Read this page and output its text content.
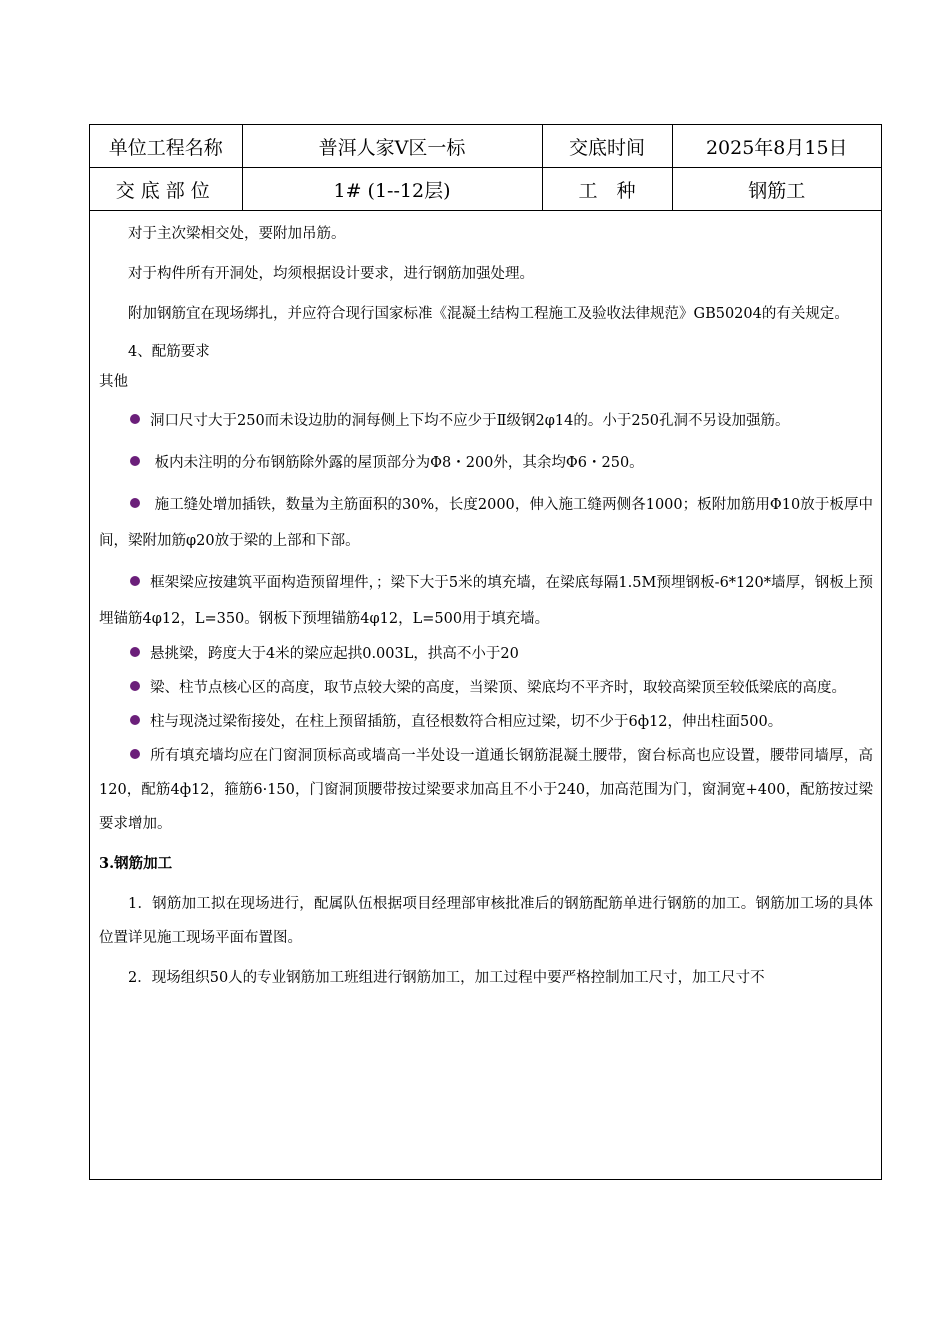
单位工程名称	普洱人家Ⅴ区一标	交底时间	2025年8月15日
交底部位	1# (1--12层)	工　种	钢筋工

对于主次梁相交处，要附加吊筋。

对于构件所有开洞处，均须根据设计要求，进行钢筋加强处理。

附加钢筋宜在现场绑扎，并应符合现行国家标准《混凝土结构工程施工及验收法律规范》GB50204的有关规定。

4、配筋要求

其他

洞口尺寸大于250而未设边肋的洞每侧上下均不应少于Ⅱ级钢2φ14的。小于250孔洞不另设加强筋。

板内未注明的分布钢筋除外露的屋顶部分为Φ8・200外，其余均Φ6・250。

施工缝处增加插铁，数量为主筋面积的30%，长度2000，伸入施工缝两侧各1000；板附加筋用Φ10放于板厚中间，梁附加筋φ20放于梁的上部和下部。

框架梁应按建筑平面构造预留埋件，；梁下大于5米的填充墙，在梁底每隔1.5M预埋钢板-6*120*墙厚，钢板上预埋锚筋4φ12，L=350。钢板下预埋锚筋4φ12，L=500用于填充墙。

悬挑梁，跨度大于4米的梁应起拱0.003L，拱高不小于20

梁、柱节点核心区的高度，取节点较大梁的高度，当梁顶、梁底均不平齐时，取较高梁顶至较低梁底的高度。

柱与现浇过梁衔接处，在柱上预留插筋，直径根数符合相应过梁，切不少于6ф12，伸出柱面500。

所有填充墙均应在门窗洞顶标高或墙高一半处设一道通长钢筋混凝土腰带，窗台标高也应设置，腰带同墙厚，高120，配筋4ф12，箍筋6·150，门窗洞顶腰带按过梁要求加高且不小于240，加高范围为门，窗洞宽+400，配筋按过梁要求增加。

3.钢筋加工

1．钢筋加工拟在现场进行，配属队伍根据项目经理部审核批准后的钢筋配筋单进行钢筋的加工。钢筋加工场的具体位置详见施工现场平面布置图。

2．现场组织50人的专业钢筋加工班组进行钢筋加工，加工过程中要严格控制加工尺寸，加工尺寸不
